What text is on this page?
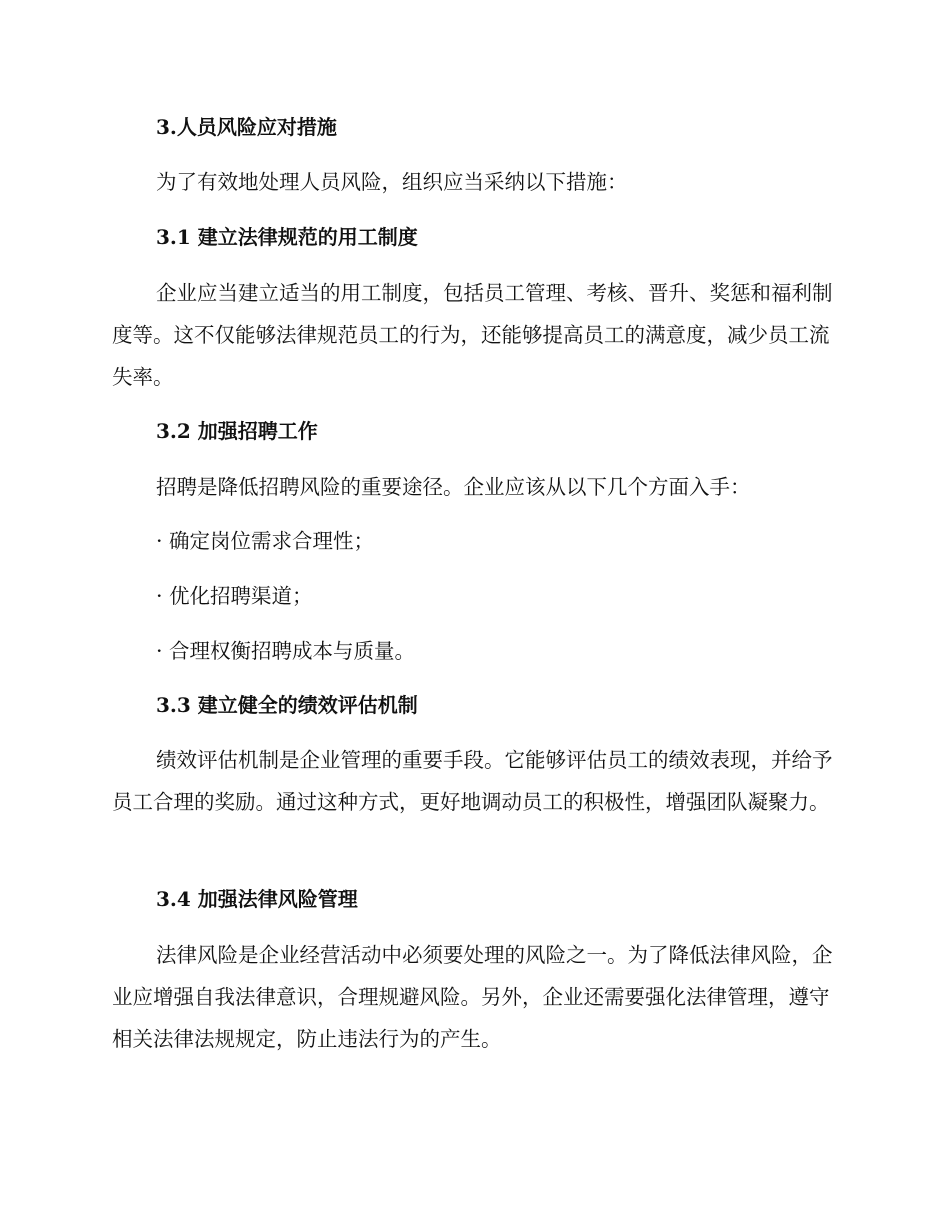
3.人员风险应对措施

为了有效地处理人员风险，组织应当采纳以下措施：

3.1 建立法律规范的用工制度

企业应当建立适当的用工制度，包括员工管理、考核、晋升、奖惩和福利制度等。这不仅能够法律规范员工的行为，还能够提高员工的满意度，减少员工流失率。

3.2 加强招聘工作

招聘是降低招聘风险的重要途径。企业应该从以下几个方面入手：

· 确定岗位需求合理性；

· 优化招聘渠道；

· 合理权衡招聘成本与质量。

3.3 建立健全的绩效评估机制

绩效评估机制是企业管理的重要手段。它能够评估员工的绩效表现，并给予员工合理的奖励。通过这种方式，更好地调动员工的积极性，增强团队凝聚力。

3.4 加强法律风险管理

法律风险是企业经营活动中必须要处理的风险之一。为了降低法律风险，企业应增强自我法律意识，合理规避风险。另外，企业还需要强化法律管理，遵守相关法律法规规定，防止违法行为的产生。
